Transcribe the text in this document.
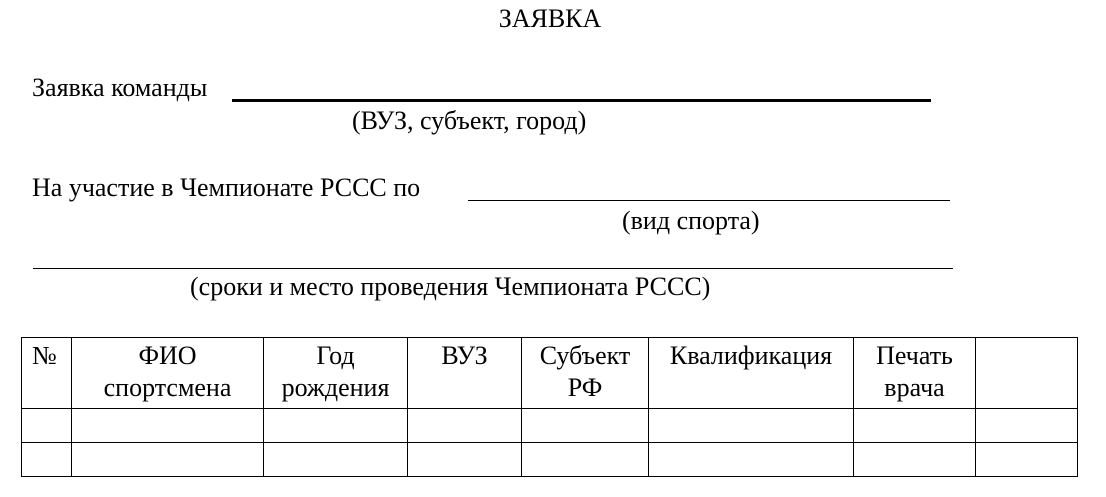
ЗАЯВКА
Заявка команды
(ВУЗ, субъект, город)
На участие в Чемпионате РССС по
(вид спорта)
(сроки и место проведения Чемпионата РССС)
№	ФИО спортсмена	Год рождения	ВУЗ	Субъект РФ	Квалификация	Печать врача	
